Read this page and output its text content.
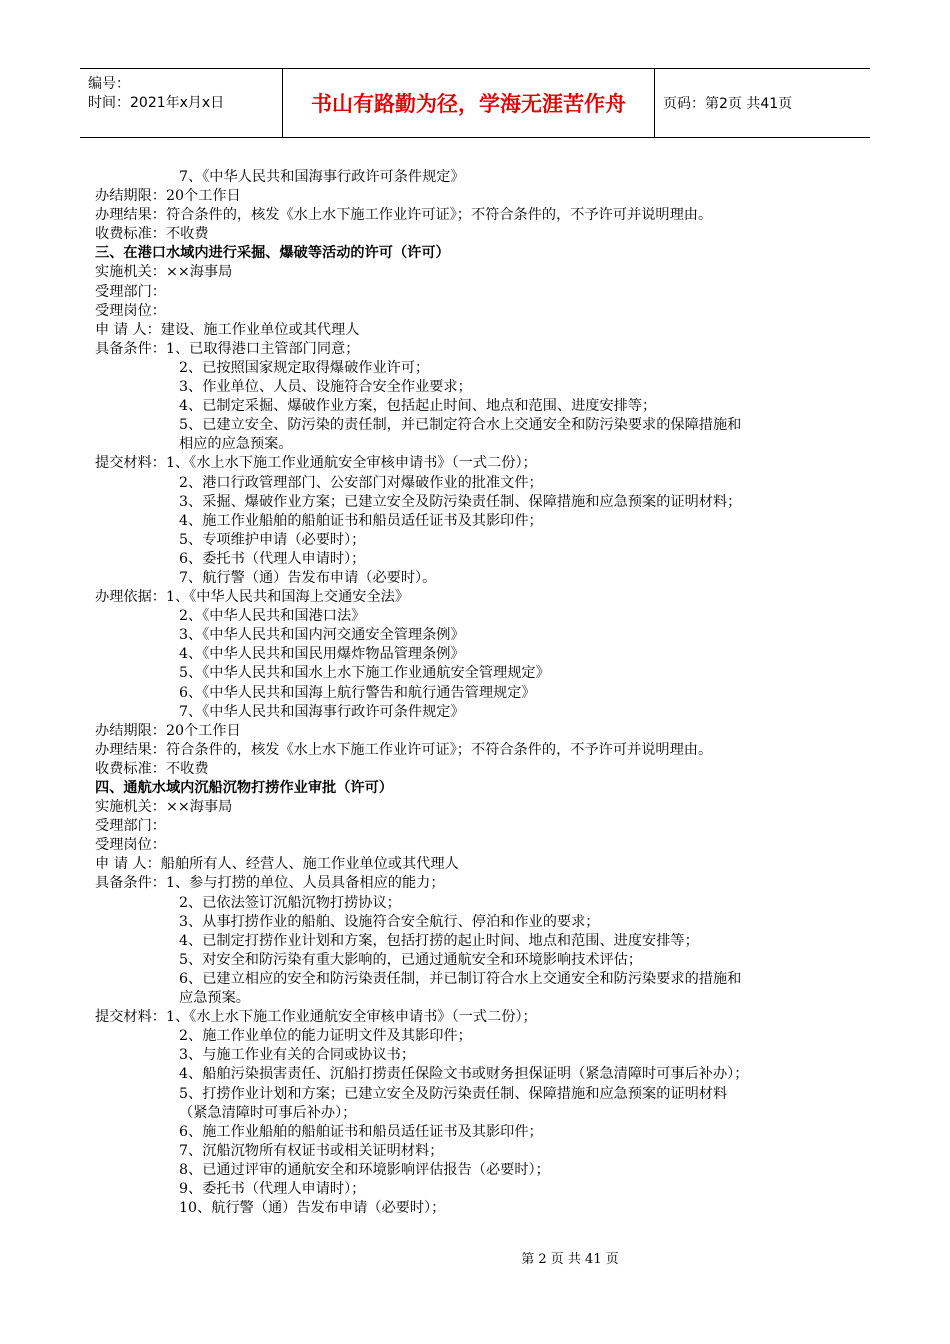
编号：
时间：2021年x月x日	书山有路勤为径，学海无涯苦作舟	页码：第2页 共41页
7、《中华人民共和国海事行政许可条件规定》
办结期限：20个工作日
办理结果：符合条件的，核发《水上水下施工作业许可证》；不符合条件的，不予许可并说明理由。
收费标准：不收费
三、在港口水域内进行采掘、爆破等活动的许可（许可）
实施机关：××海事局
受理部门：
受理岗位：
申 请 人：建设、施工作业单位或其代理人
具备条件：1、已取得港口主管部门同意；
2、已按照国家规定取得爆破作业许可；
3、作业单位、人员、设施符合安全作业要求；
4、已制定采掘、爆破作业方案，包括起止时间、地点和范围、进度安排等；
5、已建立安全、防污染的责任制，并已制定符合水上交通安全和防污染要求的保障措施和
相应的应急预案。
提交材料：1、《水上水下施工作业通航安全审核申请书》（一式二份）；
2、港口行政管理部门、公安部门对爆破作业的批准文件；
3、采掘、爆破作业方案；已建立安全及防污染责任制、保障措施和应急预案的证明材料；
4、施工作业船舶的船舶证书和船员适任证书及其影印件；
5、专项维护申请（必要时）；
6、委托书（代理人申请时）；
7、航行警（通）告发布申请（必要时）。
办理依据：1、《中华人民共和国海上交通安全法》
2、《中华人民共和国港口法》
3、《中华人民共和国内河交通安全管理条例》
4、《中华人民共和国民用爆炸物品管理条例》
5、《中华人民共和国水上水下施工作业通航安全管理规定》
6、《中华人民共和国海上航行警告和航行通告管理规定》
7、《中华人民共和国海事行政许可条件规定》
办结期限：20个工作日
办理结果：符合条件的，核发《水上水下施工作业许可证》；不符合条件的，不予许可并说明理由。
收费标准：不收费
四、通航水域内沉船沉物打捞作业审批（许可）
实施机关：××海事局
受理部门：
受理岗位：
申 请 人：船舶所有人、经营人、施工作业单位或其代理人
具备条件：1、参与打捞的单位、人员具备相应的能力；
2、已依法签订沉船沉物打捞协议；
3、从事打捞作业的船舶、设施符合安全航行、停泊和作业的要求；
4、已制定打捞作业计划和方案，包括打捞的起止时间、地点和范围、进度安排等；
5、对安全和防污染有重大影响的，已通过通航安全和环境影响技术评估；
6、已建立相应的安全和防污染责任制，并已制订符合水上交通安全和防污染要求的措施和
应急预案。
提交材料：1、《水上水下施工作业通航安全审核申请书》（一式二份）；
2、施工作业单位的能力证明文件及其影印件；
3、与施工作业有关的合同或协议书；
4、船舶污染损害责任、沉船打捞责任保险文书或财务担保证明（紧急清障时可事后补办）；
5、打捞作业计划和方案；已建立安全及防污染责任制、保障措施和应急预案的证明材料
（紧急清障时可事后补办）；
6、施工作业船舶的船舶证书和船员适任证书及其影印件；
7、沉船沉物所有权证书或相关证明材料；
8、已通过评审的通航安全和环境影响评估报告（必要时）；
9、委托书（代理人申请时）；
10、航行警（通）告发布申请（必要时）；
第 2 页 共 41 页
